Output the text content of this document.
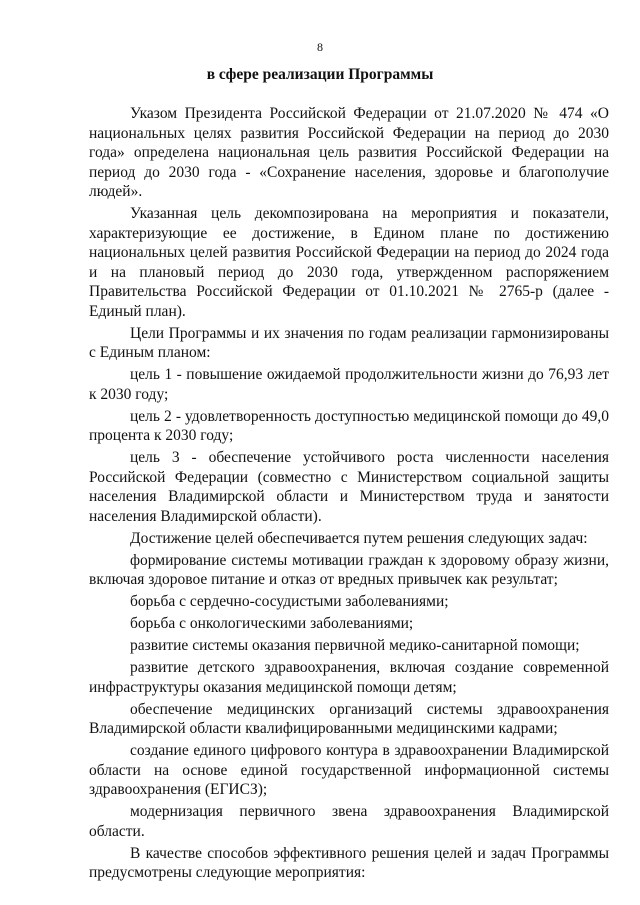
8
в сфере реализации Программы

Указом Президента Российской Федерации от 21.07.2020 № 474 «О национальных целях развития Российской Федерации на период до 2030 года» определена национальная цель развития Российской Федерации на период до 2030 года - «Сохранение населения, здоровье и благополучие людей».

Указанная цель декомпозирована на мероприятия и показатели, характеризующие ее достижение, в Едином плане по достижению национальных целей развития Российской Федерации на период до 2024 года и на плановый период до 2030 года, утвержденном распоряжением Правительства Российской Федерации от 01.10.2021 № 2765-р (далее - Единый план).

Цели Программы и их значения по годам реализации гармонизированы с Единым планом:

цель 1 - повышение ожидаемой продолжительности жизни до 76,93 лет к 2030 году;

цель 2 - удовлетворенность доступностью медицинской помощи до 49,0 процента к 2030 году;

цель 3 - обеспечение устойчивого роста численности населения Российской Федерации (совместно с Министерством социальной защиты населения Владимирской области и Министерством труда и занятости населения Владимирской области).

Достижение целей обеспечивается путем решения следующих задач:

формирование системы мотивации граждан к здоровому образу жизни, включая здоровое питание и отказ от вредных привычек как результат;

борьба с сердечно-сосудистыми заболеваниями;

борьба с онкологическими заболеваниями;

развитие системы оказания первичной медико-санитарной помощи;

развитие детского здравоохранения, включая создание современной инфраструктуры оказания медицинской помощи детям;

обеспечение медицинских организаций системы здравоохранения Владимирской области квалифицированными медицинскими кадрами;

создание единого цифрового контура в здравоохранении Владимирской области на основе единой государственной информационной системы здравоохранения (ЕГИСЗ);

модернизация первичного звена здравоохранения Владимирской области.

В качестве способов эффективного решения целей и задач Программы предусмотрены следующие мероприятия:
